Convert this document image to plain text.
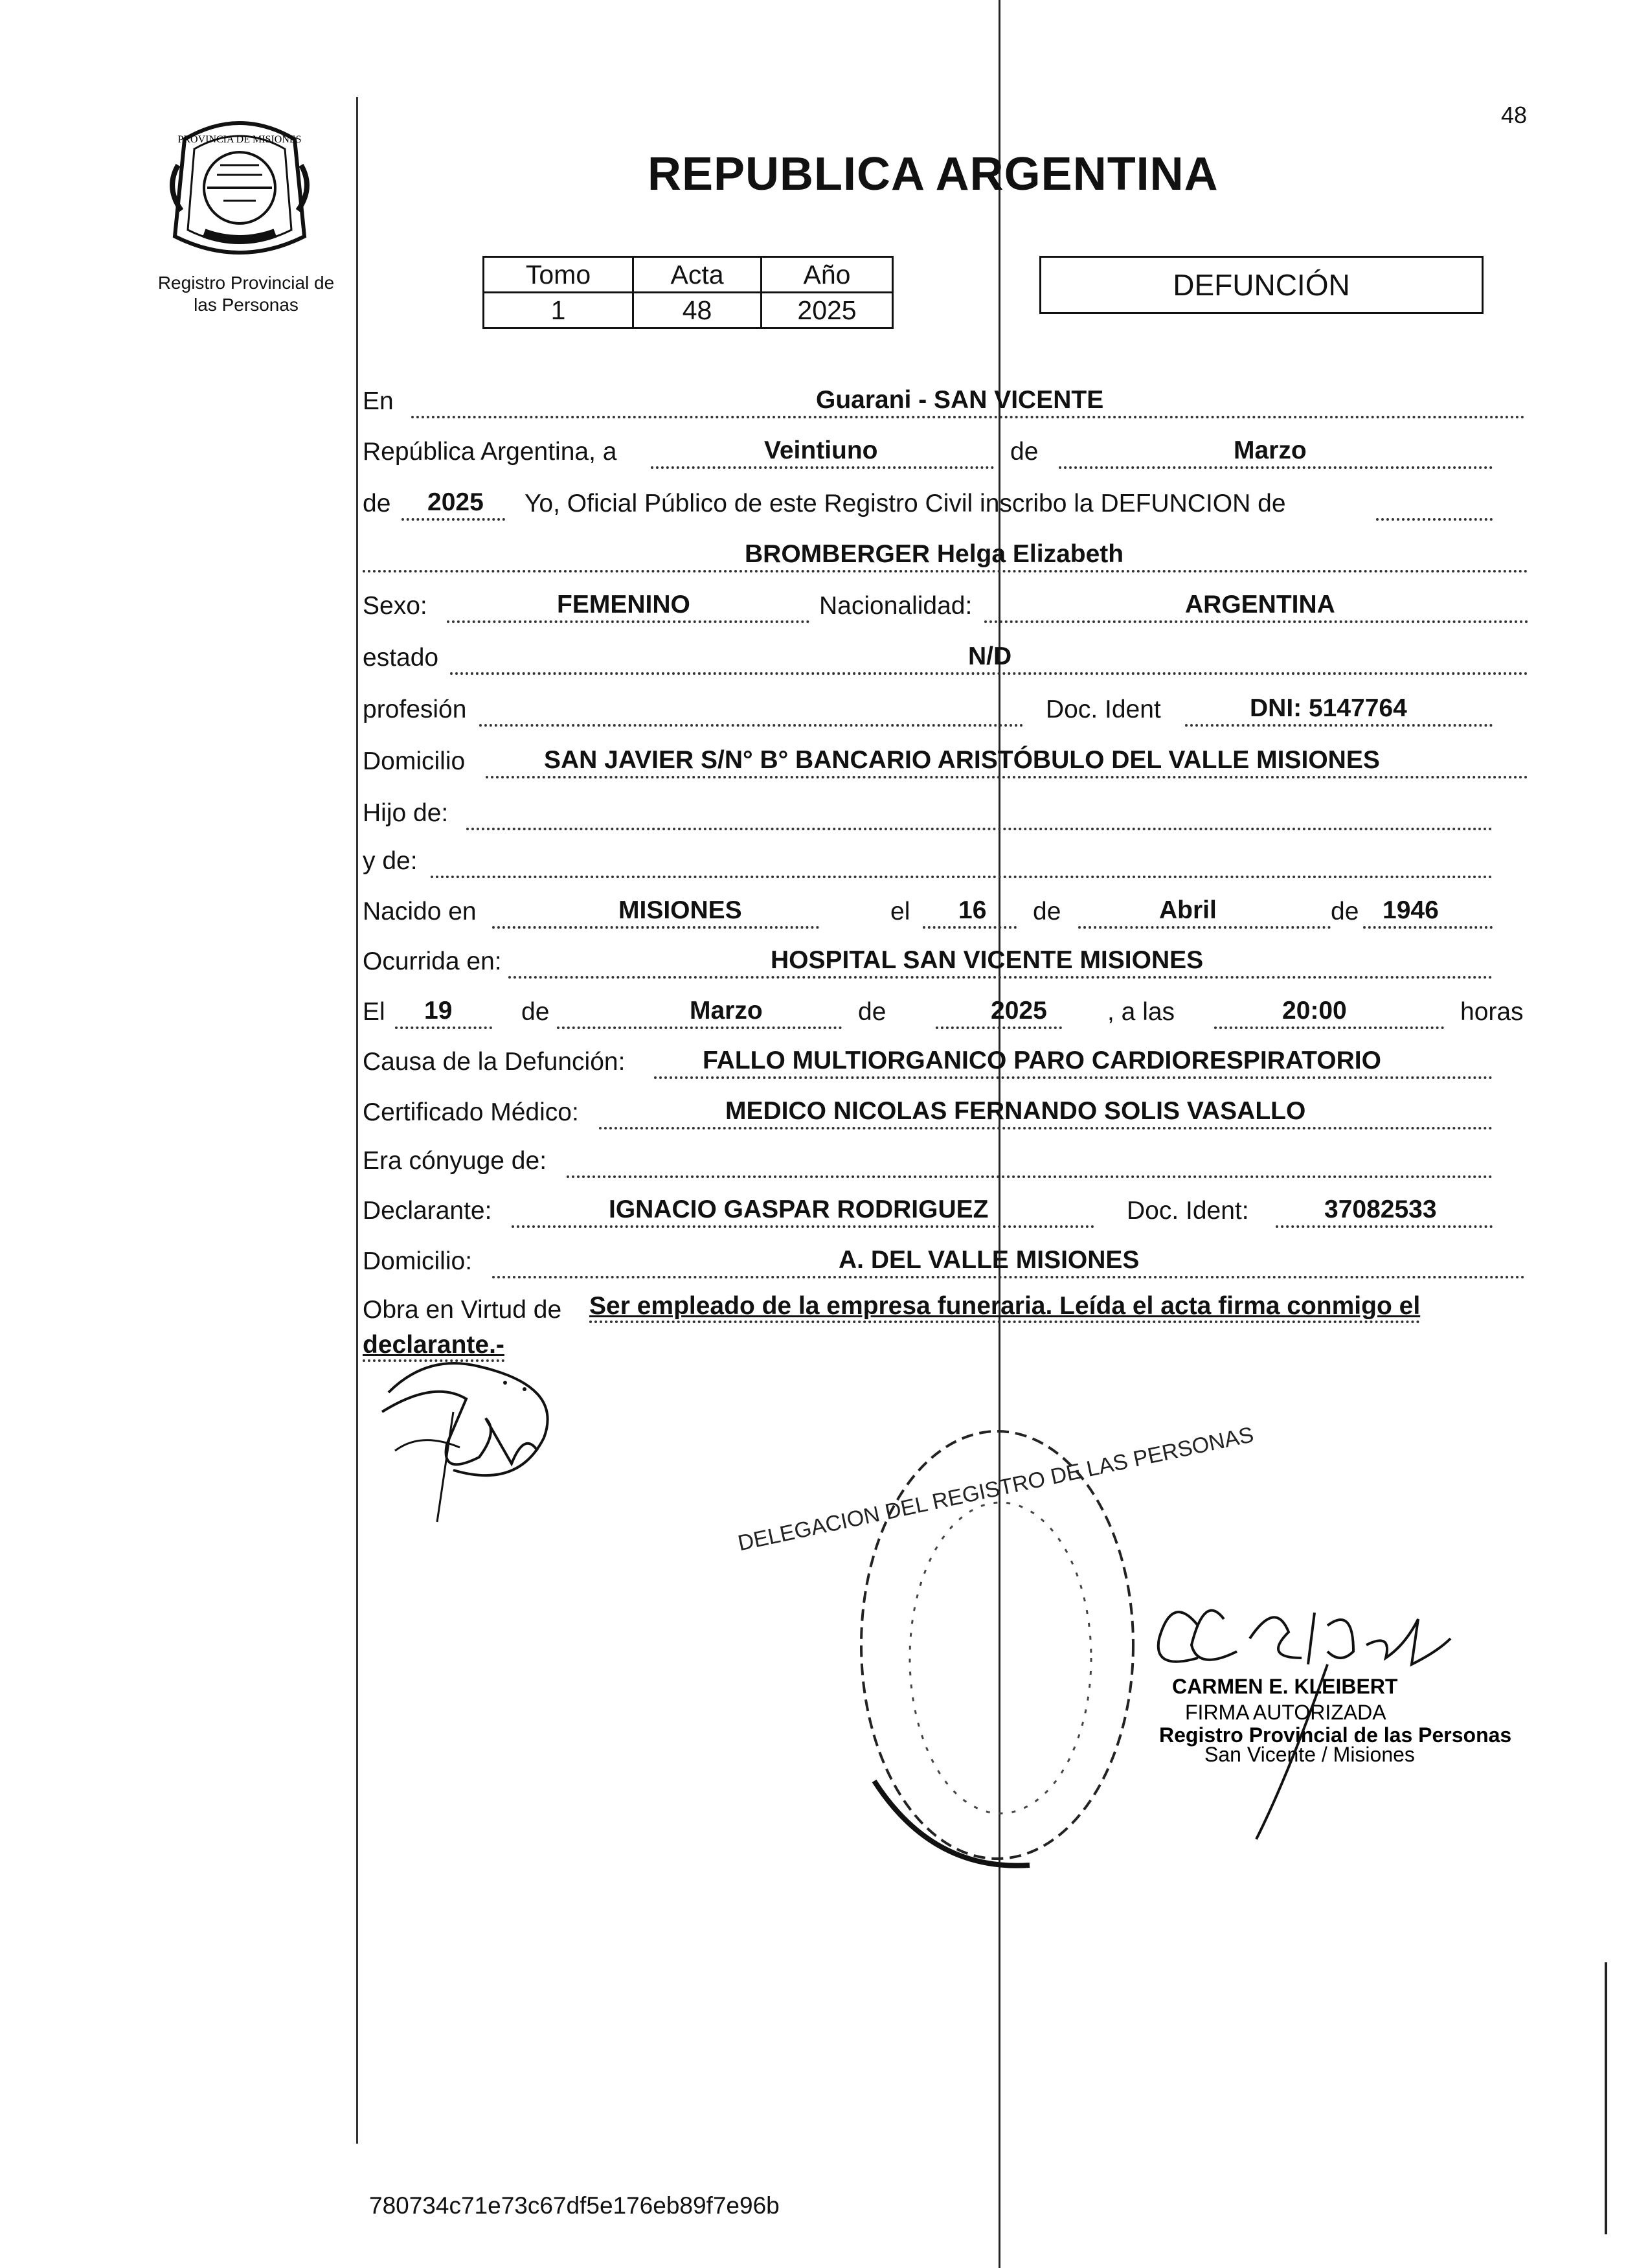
PROVINCIA DE MISIONES
Registro Provincial de las Personas
48
REPUBLICA ARGENTINA
Tomo	Acta	Año
1	48	2025
DEFUNCIÓN
En	Guarani - SAN VICENTE
República Argentina, a	Veintiuno	de	Marzo
de 2025 Yo, Oficial Público de este Registro Civil inscribo la DEFUNCION de
BROMBERGER Helga Elizabeth
Sexo:	FEMENINO	Nacionalidad:	ARGENTINA
estado	N/D
profesión	Doc. Ident	DNI: 5147764
Domicilio	SAN JAVIER S/N° B° BANCARIO ARISTÓBULO DEL VALLE MISIONES
Hijo de:
y de:
Nacido en	MISIONES	el 16 de	Abril	de 1946
Ocurrida en:	HOSPITAL SAN VICENTE MISIONES
El 19	de	Marzo	de	2025 , a las	20:00	horas
Causa de la Defunción:	FALLO MULTIORGANICO PARO CARDIORESPIRATORIO
Certificado Médico:	MEDICO NICOLAS FERNANDO SOLIS VASALLO
Era cónyuge de:
Declarante:	IGNACIO GASPAR RODRIGUEZ	Doc. Ident:	37082533
Domicilio:	A. DEL VALLE MISIONES
Obra en Virtud de Ser empleado de la empresa funeraria. Leída el acta firma conmigo el
declarante.-
DELEGACION DEL REGISTRO DE LAS PERSONAS
CARMEN E. KLEIBERT
FIRMA AUTORIZADA
Registro Provincial de las Personas
San Vicente / Misiones
780734c71e73c67df5e176eb89f7e96b
